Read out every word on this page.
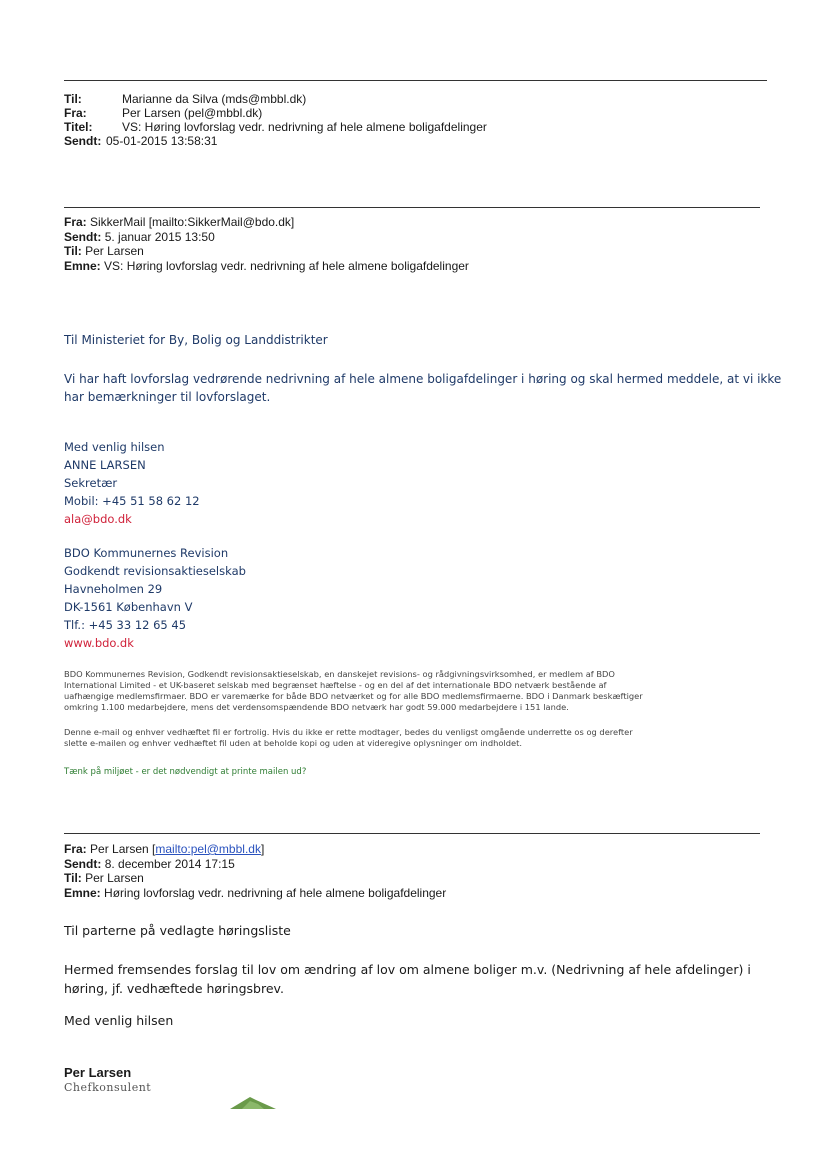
Til:	Marianne da Silva (mds@mbbl.dk)
Fra:	Per Larsen (pel@mbbl.dk)
Titel:	VS: Høring lovforslag vedr. nedrivning af hele almene boligafdelinger
Sendt: 05-01-2015 13:58:31
Fra: SikkerMail [mailto:SikkerMail@bdo.dk]
Sendt: 5. januar 2015 13:50
Til: Per Larsen
Emne: VS: Høring lovforslag vedr. nedrivning af hele almene boligafdelinger
Til Ministeriet for By, Bolig og Landdistrikter
Vi har haft lovforslag vedrørende nedrivning af hele almene boligafdelinger i høring og skal hermed meddele, at vi ikke
har bemærkninger til lovforslaget.
Med venlig hilsen
ANNE LARSEN
Sekretær
Mobil: +45 51 58 62 12
ala@bdo.dk
BDO Kommunernes Revision
Godkendt revisionsaktieselskab
Havneholmen 29
DK-1561 København V
Tlf.: +45 33 12 65 45
www.bdo.dk
BDO Kommunernes Revision, Godkendt revisionsaktieselskab, en danskejet revisions- og rådgivningsvirksomhed, er medlem af BDO
International Limited - et UK-baseret selskab med begrænset hæftelse - og en del af det internationale BDO netværk bestående af
uafhængige medlemsfirmaer. BDO er varemærke for både BDO netværket og for alle BDO medlemsfirmaerne. BDO i Danmark beskæftiger
omkring 1.100 medarbejdere, mens det verdensomspændende BDO netværk har godt 59.000 medarbejdere i 151 lande.
Denne e-mail og enhver vedhæftet fil er fortrolig. Hvis du ikke er rette modtager, bedes du venligst omgående underrette os og derefter
slette e-mailen og enhver vedhæftet fil uden at beholde kopi og uden at videregive oplysninger om indholdet.
Tænk på miljøet - er det nødvendigt at printe mailen ud?
Fra: Per Larsen [mailto:pel@mbbl.dk]
Sendt: 8. december 2014 17:15
Til: Per Larsen
Emne: Høring lovforslag vedr. nedrivning af hele almene boligafdelinger
Til parterne på vedlagte høringsliste
Hermed fremsendes forslag til lov om ændring af lov om almene boliger m.v. (Nedrivning af hele afdelinger) i
høring, jf. vedhæftede høringsbrev.
Med venlig hilsen
Per Larsen
Chefkonsulent
